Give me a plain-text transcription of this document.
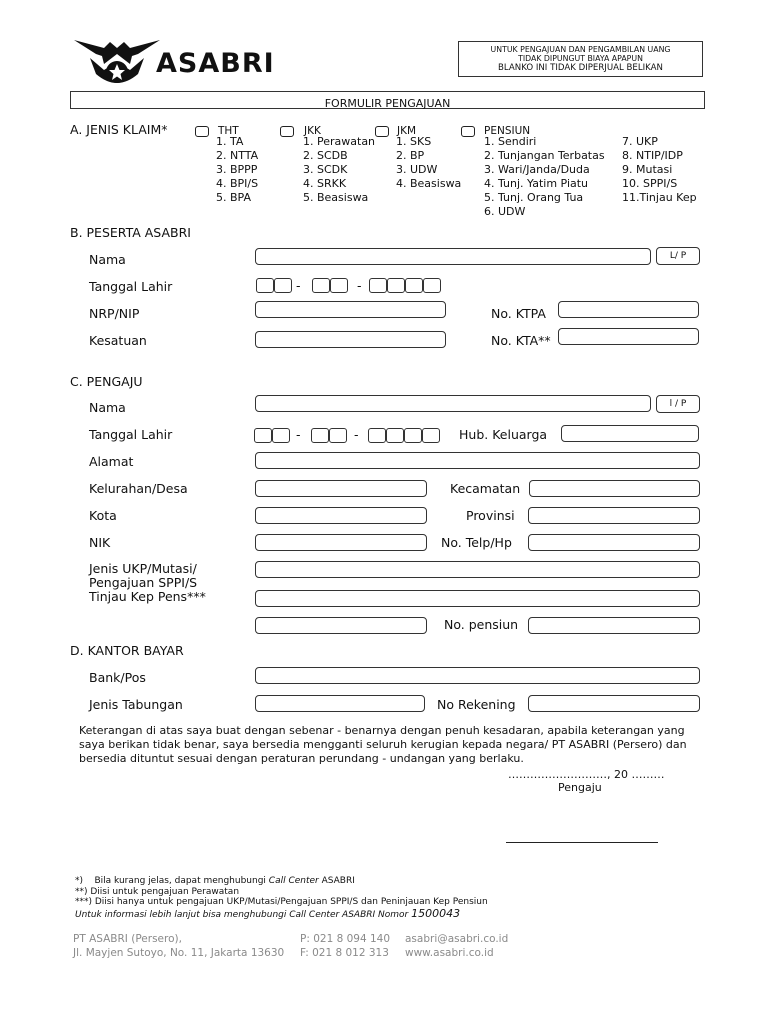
ASABRI	UNTUK PENGAJUAN DAN PENGAMBILAN UANG
TIDAK DIPUNGUT BIAYA APAPUN
BLANKO INI TIDAK DIPERJUAL BELIKAN
FORMULIR PENGAJUAN
A. JENIS KLAIM*	THT
1. TA
2. NTTA
3. BPPP
4. BPI/S
5. BPA
JKK
1. Perawatan
2. SCDB
3. SCDK
4. SRKK
5. Beasiswa
JKM
1. SKS
2. BP
3. UDW
4. Beasiswa
PENSIUN
1. Sendiri
2. Tunjangan Terbatas
3. Wari/Janda/Duda
4. Tunj. Yatim Piatu
5. Tunj. Orang Tua
6. UDW
7. UKP
8. NTIP/IDP
9. Mutasi
10. SPPI/S
11.Tinjau Kep
B. PESERTA ASABRI
Nama	L/ P
Tanggal Lahir	-	-
NRP/NIP	No. KTPA
Kesatuan	No. KTA**
C. PENGAJU
Nama	l / P
Tanggal Lahir	-	-	Hub. Keluarga
Alamat
Kelurahan/Desa	Kecamatan
Kota	Provinsi
NIK	No. Telp/Hp
Jenis UKP/Mutasi/
Pengajuan SPPI/S
Tinjau Kep Pens***
No. pensiun
D. KANTOR BAYAR
Bank/Pos
Jenis Tabungan	No Rekening
Keterangan di atas saya buat dengan sebenar - benarnya dengan penuh kesadaran, apabila keterangan yang
saya berikan tidak benar, saya bersedia mengganti seluruh kerugian kepada negara/ PT ASABRI (Persero) dan
bersedia dituntut sesuai dengan peraturan perundang - undangan yang berlaku.
………………………, 20 ………
Pengaju
*) Bila kurang jelas, dapat menghubungi Call Center ASABRI
**) Diisi untuk pengajuan Perawatan
***) Diisi hanya untuk pengajuan UKP/Mutasi/Pengajuan SPPI/S dan Peninjauan Kep Pensiun
Untuk informasi lebih lanjut bisa menghubungi Call Center ASABRI Nomor 1500043
PT ASABRI (Persero),
Jl. Mayjen Sutoyo, No. 11, Jakarta 13630
P: 021 8 094 140
F: 021 8 012 313
asabri@asabri.co.id
www.asabri.co.id
